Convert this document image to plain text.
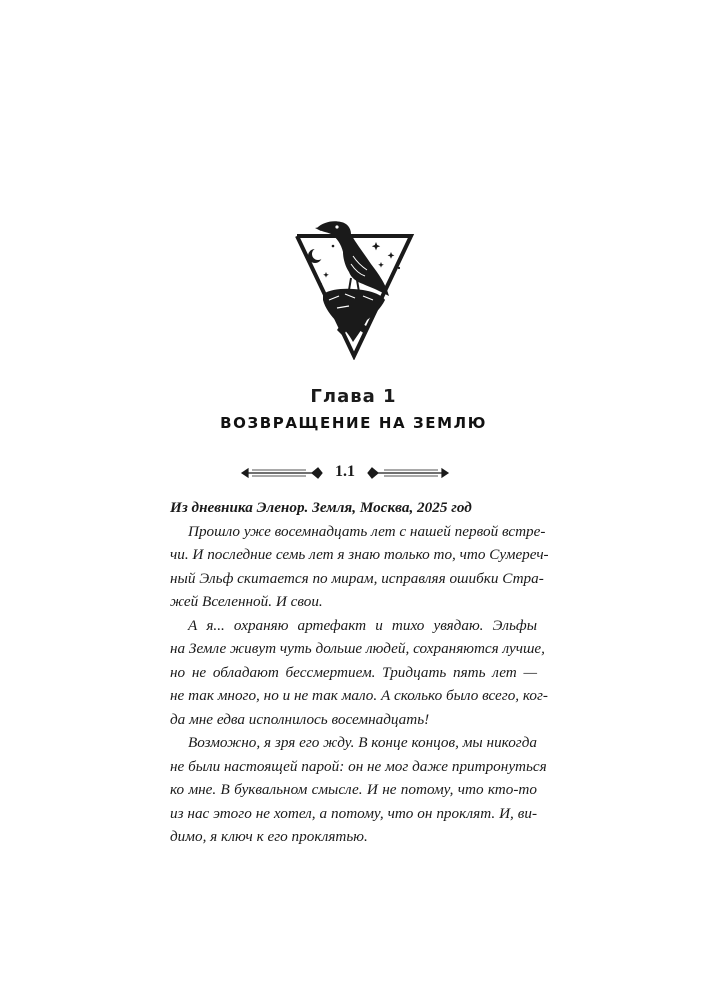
Глава 1
ВОЗВРАЩЕНИЕ НА ЗЕМЛЮ
1.1
Из дневника Эленор. Земля, Москва, 2025 год
Прошло уже восемнадцать лет с нашей первой встре-
чи. И последние семь лет я знаю только то, что Сумереч-
ный Эльф скитается по мирам, исправляя ошибки Стра-
жей Вселенной. И свои.
А я... охраняю артефакт и тихо увядаю. Эльфы
на Земле живут чуть дольше людей, сохраняются лучше,
но не обладают бессмертием. Тридцать пять лет —
не так много, но и не так мало. А сколько было всего, ког-
да мне едва исполнилось восемнадцать!
Возможно, я зря его жду. В конце концов, мы никогда
не были настоящей парой: он не мог даже притронуться
ко мне. В буквальном смысле. И не потому, что кто-то
из нас этого не хотел, а потому, что он проклят. И, ви-
димо, я ключ к его проклятью.
